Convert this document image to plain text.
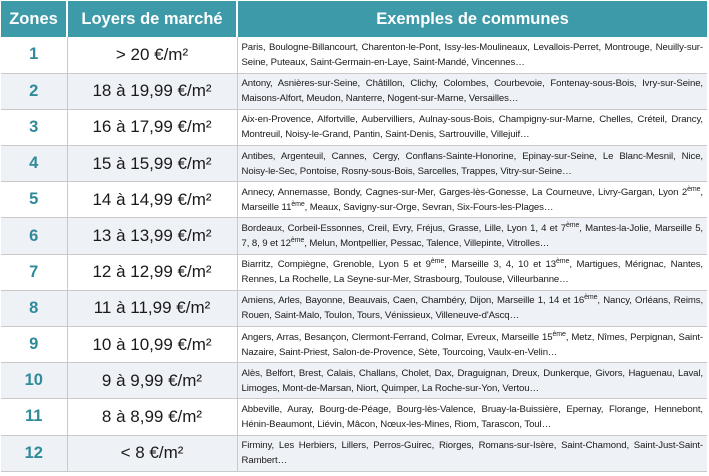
Zones	Loyers de marché	Exemples de communes
1	> 20 €/m²	Paris, Boulogne-Billancourt, Charenton-le-Pont, Issy-les-Moulineaux, Levallois-Perret, Montrouge, Neuilly-sur-Seine, Puteaux, Saint-Germain-en-Laye, Saint-Mandé, Vincennes…
2	18 à 19,99 €/m²	Antony, Asnières-sur-Seine, Châtillon, Clichy, Colombes, Courbevoie, Fontenay-sous-Bois, Ivry-sur-Seine, Maisons-Alfort, Meudon, Nanterre, Nogent-sur-Marne, Versailles…
3	16 à 17,99 €/m²	Aix-en-Provence, Alfortville, Aubervilliers, Aulnay-sous-Bois, Champigny-sur-Marne, Chelles, Créteil, Drancy, Montreuil, Noisy-le-Grand, Pantin, Saint-Denis, Sartrouville, Villejuif…
4	15 à 15,99 €/m²	Antibes, Argenteuil, Cannes, Cergy, Conflans-Sainte-Honorine, Epinay-sur-Seine, Le Blanc-Mesnil, Nice, Noisy-le-Sec, Pontoise, Rosny-sous-Bois, Sarcelles, Trappes, Vitry-sur-Seine…
5	14 à 14,99 €/m²	Annecy, Annemasse, Bondy, Cagnes-sur-Mer, Garges-lès-Gonesse, La Courneuve, Livry-Gargan, Lyon 2ème, Marseille 11ème, Meaux, Savigny-sur-Orge, Sevran, Six-Fours-les-Plages…
6	13 à 13,99 €/m²	Bordeaux, Corbeil-Essonnes, Creil, Evry, Fréjus, Grasse, Lille, Lyon 1, 4 et 7ème, Mantes-la-Jolie, Marseille 5, 7, 8, 9 et 12ème, Melun, Montpellier, Pessac, Talence, Villepinte, Vitrolles…
7	12 à 12,99 €/m²	Biarritz, Compiègne, Grenoble, Lyon 5 et 9ème, Marseille 3, 4, 10 et 13ème, Martigues, Mérignac, Nantes, Rennes, La Rochelle, La Seyne-sur-Mer, Strasbourg, Toulouse, Villeurbanne…
8	11 à 11,99 €/m²	Amiens, Arles, Bayonne, Beauvais, Caen, Chambéry, Dijon, Marseille 1, 14 et 16ème, Nancy, Orléans, Reims, Rouen, Saint-Malo, Toulon, Tours, Vénissieux, Villeneuve-d'Ascq…
9	10 à 10,99 €/m²	Angers, Arras, Besançon, Clermont-Ferrand, Colmar, Evreux, Marseille 15ème, Metz, Nîmes, Perpignan, Saint-Nazaire, Saint-Priest, Salon-de-Provence, Sète, Tourcoing, Vaulx-en-Velin…
10	9 à 9,99 €/m²	Alès, Belfort, Brest, Calais, Challans, Cholet, Dax, Draguignan, Dreux, Dunkerque, Givors, Haguenau, Laval, Limoges, Mont-de-Marsan, Niort, Quimper, La Roche-sur-Yon, Vertou…
11	8 à 8,99 €/m²	Abbeville, Auray, Bourg-de-Péage, Bourg-lès-Valence, Bruay-la-Buissière, Epernay, Florange, Hennebont, Hénin-Beaumont, Liévin, Mâcon, Nœux-les-Mines, Riom, Tarascon, Toul…
12	< 8 €/m²	Firminy, Les Herbiers, Lillers, Perros-Guirec, Riorges, Romans-sur-Isère, Saint-Chamond, Saint-Just-Saint-Rambert…
